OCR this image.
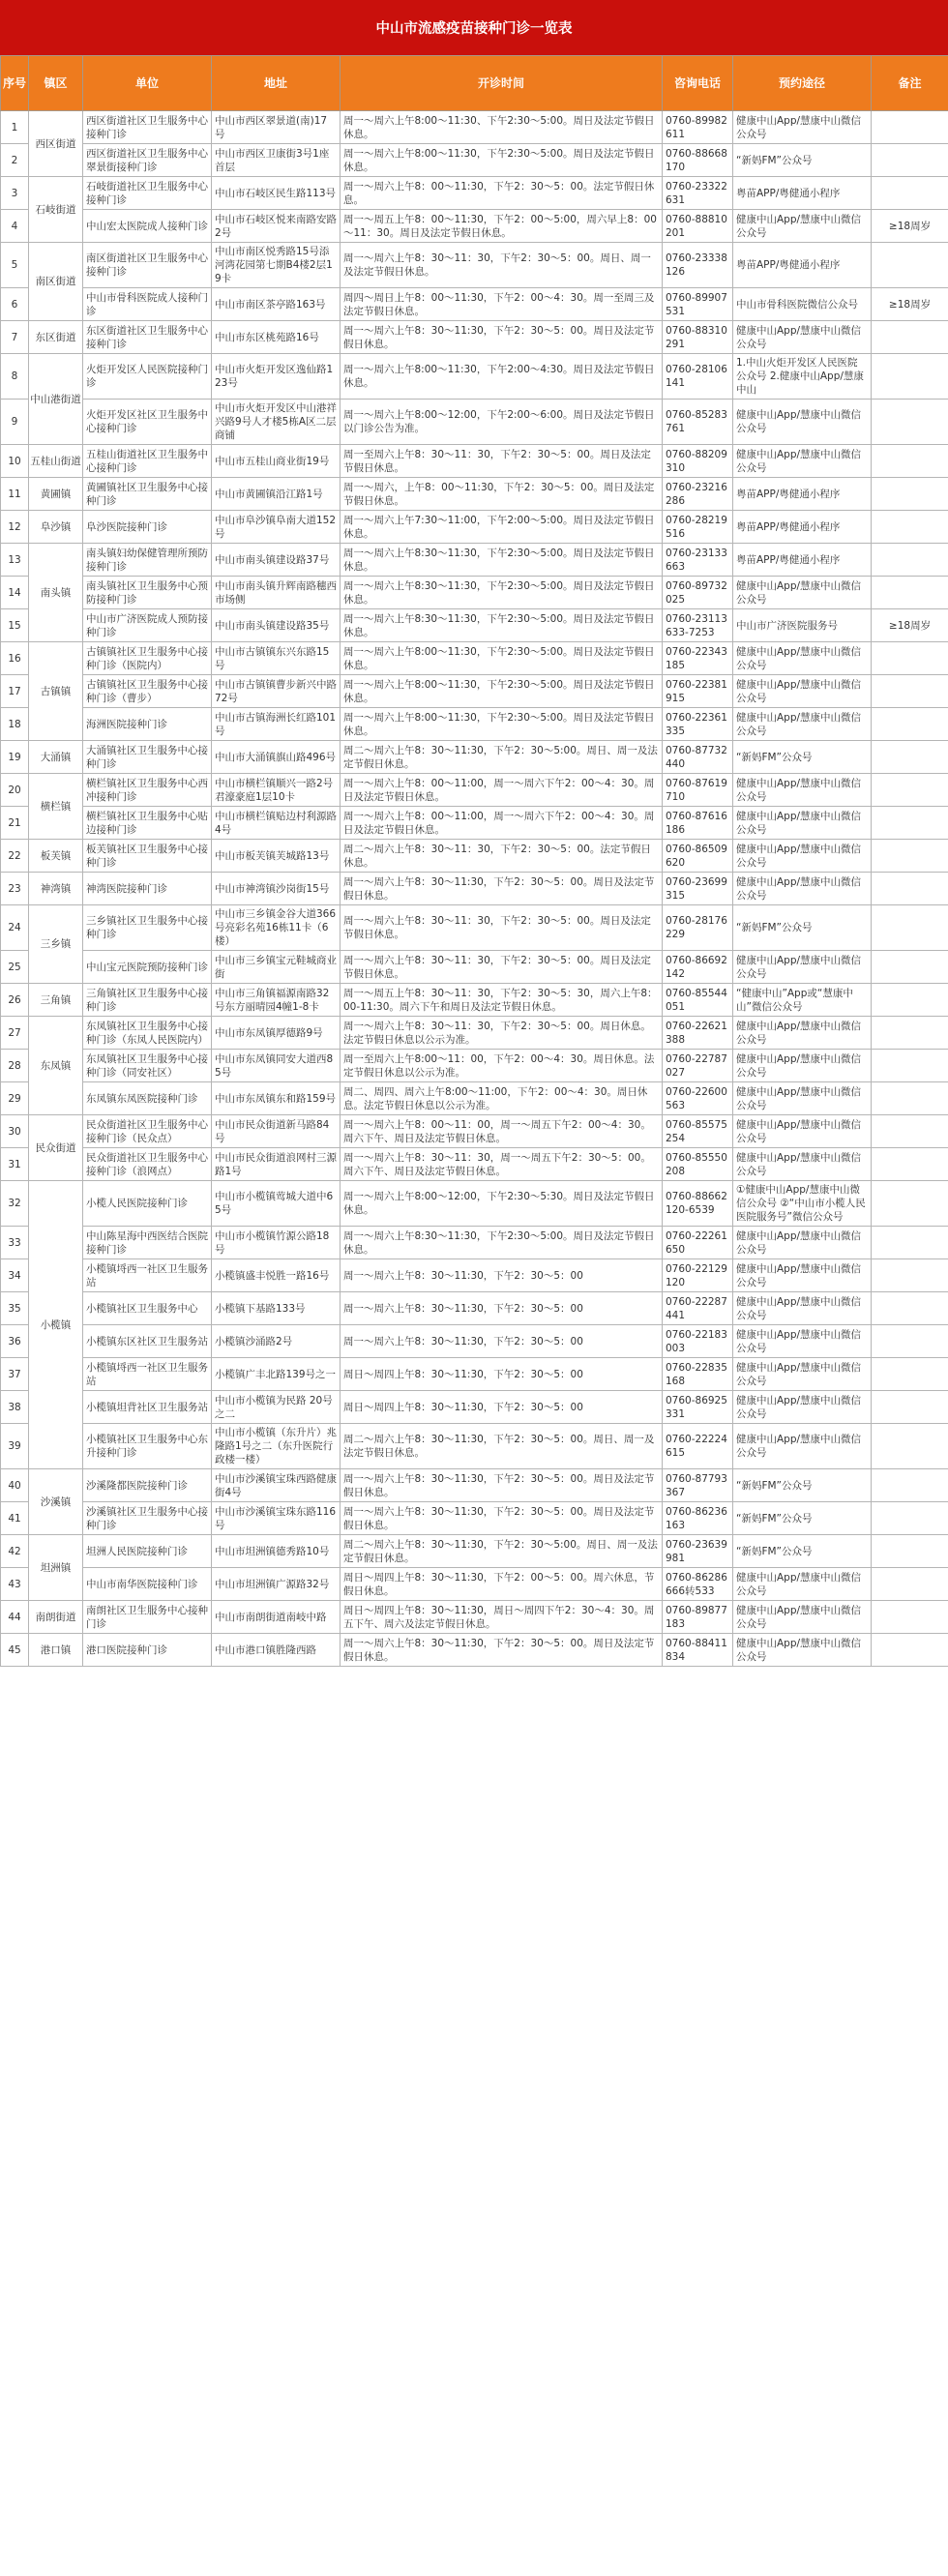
中山市流感疫苗接种门诊一览表
序号	镇区	单位	地址	开诊时间	咨询电话	预约途径	备注
1	西区街道	西区街道社区卫生服务中心接种门诊	中山市西区翠景道(南)17号	周一～周六上午8:00～11:30、下午2:30～5:00。周日及法定节假日休息。	0760-89982611	健康中山App/慧康中山微信公众号	
2		西区街道社区卫生服务中心翠景街接种门诊	中山市西区卫康街3号1座首层	周一～周六上午8:00～11:30，下午2:30～5:00。周日及法定节假日休息。	0760-88668170	“新妈FM”公众号	
3	石岐街道	石岐街道社区卫生服务中心接种门诊	中山市石岐区民生路113号	周一～周六上午8：00～11:30，下午2：30～5：00。法定节假日休息。	0760-23322631	粤苗APP/粤健通小程序	
4		中山宏太医院成人接种门诊	中山市石岐区悦来南路安路2号	周一～周五上午8：00～11:30，下午2：00～5:00，周六早上8：00～11：30。周日及法定节假日休息。	0760-88810201	健康中山App/慧康中山微信公众号	≥18周岁
5	南区街道	南区街道社区卫生服务中心接种门诊	中山市南区悦秀路15号添河湾花园第七期B4楼2层19卡	周一～周六上午8：30～11：30，下午2：30～5：00。周日、周一及法定节假日休息。	0760-23338126	粤苗APP/粤健通小程序	
6		中山市骨科医院成人接种门诊	中山市南区茶亭路163号	周四～周日上午8：00～11:30，下午2：00～4：30。周一至周三及法定节假日休息。	0760-89907531	中山市骨科医院微信公众号	≥18周岁
7	东区街道	东区街道社区卫生服务中心接种门诊	中山市东区桃苑路16号	周一～周六上午8：30～11:30，下午2：30～5：00。周日及法定节假日休息。	0760-88310291	健康中山App/慧康中山微信公众号	
8	中山港街道	火炬开发区人民医院接种门诊	中山市火炬开发区逸仙路123号	周一～周六上午8:00～11:30，下午2:00～4:30。周日及法定节假日休息。	0760-28106141	1.中山火炬开发区人民医院公众号 2.健康中山App/慧康中山	
9		火炬开发区社区卫生服务中心接种门诊	中山市火炬开发区中山港祥兴路9号人才楼5栋A区二层商铺	周一～周六上午8:00～12:00，下午2:00～6:00。周日及法定节假日以门诊公告为准。	0760-85283761	健康中山App/慧康中山微信公众号	
10	五桂山街道	五桂山街道社区卫生服务中心接种门诊	中山市五桂山商业街19号	周一至周六上午8：30～11：30，下午2：30～5：00。周日及法定节假日休息。	0760-88209310	健康中山App/慧康中山微信公众号	
11	黄圃镇	黄圃镇社区卫生服务中心接种门诊	中山市黄圃镇沿江路1号	周一～周六，上午8：00～11:30，下午2：30～5：00。周日及法定节假日休息。	0760-23216286	粤苗APP/粤健通小程序	
12	阜沙镇	阜沙医院接种门诊	中山市阜沙镇阜南大道152号	周一～周六上午7:30～11:00，下午2:00～5:00。周日及法定节假日休息。	0760-28219516	粤苗APP/粤健通小程序	
13	南头镇	南头镇妇幼保健管理所预防接种门诊	中山市南头镇建设路37号	周一～周六上午8:30～11:30，下午2:30～5:00。周日及法定节假日休息。	0760-23133663	粤苗APP/粤健通小程序	
14		南头镇社区卫生服务中心预防接种门诊	中山市南头镇升辉南路穗西市场侧	周一～周六上午8:30～11:30，下午2:30～5:00。周日及法定节假日休息。	0760-89732025	健康中山App/慧康中山微信公众号	
15		中山市广济医院成人预防接种门诊	中山市南头镇建设路35号	周一～周六上午8:30～11:30，下午2:30～5:00。周日及法定节假日休息。	0760-23113633-7253	中山市广济医院服务号	≥18周岁
16	古镇镇	古镇镇社区卫生服务中心接种门诊（医院内）	中山市古镇镇东兴东路15号	周一～周六上午8:00～11:30，下午2:30～5:00。周日及法定节假日休息。	0760-22343185	健康中山App/慧康中山微信公众号	
17		古镇镇社区卫生服务中心接种门诊（曹步）	中山市古镇镇曹步新兴中路72号	周一～周六上午8:00～11:30，下午2:30～5:00。周日及法定节假日休息。	0760-22381915	健康中山App/慧康中山微信公众号	
18		海洲医院接种门诊	中山市古镇海洲长红路101号	周一～周六上午8:00～11:30，下午2:30～5:00。周日及法定节假日休息。	0760-22361335	健康中山App/慧康中山微信公众号	
19	大涌镇	大涌镇社区卫生服务中心接种门诊	中山市大涌镇旗山路496号	周二～周六上午8：30～11:30，下午2：30～5:00。周日、周一及法定节假日休息。	0760-87732440	“新妈FM”公众号	
20	横栏镇	横栏镇社区卫生服务中心西冲接种门诊	中山市横栏镇顺兴一路2号君濠豪庭1层10卡	周一～周六上午8：00～11:00，周一～周六下午2：00～4：30。周日及法定节假日休息。	0760-87619710	健康中山App/慧康中山微信公众号	
21		横栏镇社区卫生服务中心贴边接种门诊	中山市横栏镇贴边村利源路4号	周一～周六上午8：00～11:00，周一～周六下午2：00～4：30。周日及法定节假日休息。	0760-87616186	健康中山App/慧康中山微信公众号	
22	板芙镇	板芙镇社区卫生服务中心接种门诊	中山市板芙镇芙城路13号	周二～周六上午8：30～11：30，下午2：30～5：00。法定节假日休息。	0760-86509620	健康中山App/慧康中山微信公众号	
23	神湾镇	神湾医院接种门诊	中山市神湾镇沙岗街15号	周一～周六上午8：30～11:30，下午2：30～5：00。周日及法定节假日休息。	0760-23699315	健康中山App/慧康中山微信公众号	
24	三乡镇	三乡镇社区卫生服务中心接种门诊	中山市三乡镇金谷大道366号亮彩名苑16栋11卡（6楼）	周一～周六上午8：30～11：30，下午2：30～5：00。周日及法定节假日休息。	0760-28176229	“新妈FM”公众号	
25		中山宝元医院预防接种门诊	中山市三乡镇宝元鞋城商业街	周一～周六上午8：30～11：30，下午2：30～5：00。周日及法定节假日休息。	0760-86692142	健康中山App/慧康中山微信公众号	
26	三角镇	三角镇社区卫生服务中心接种门诊	中山市三角镇福源南路32号东方丽晴园4幢1-8卡	周一～周五上午8：30～11：30，下午2：30～5：30，周六上午8：00-11:30。周六下午和周日及法定节假日休息。	0760-85544051	“健康中山”App或“慧康中山”微信公众号	
27	东凤镇	东凤镇社区卫生服务中心接种门诊（东凤人民医院内）	中山市东凤镇厚德路9号	周一～周六上午8：30～11：30，下午2：30～5：00。周日休息。法定节假日休息以公示为准。	0760-22621388	健康中山App/慧康中山微信公众号	
28		东凤镇社区卫生服务中心接种门诊（同安社区）	中山市东凤镇同安大道西85号	周一至周六上午8:00～11：00，下午2：00～4：30。周日休息。法定节假日休息以公示为准。	0760-22787027	健康中山App/慧康中山微信公众号	
29		东凤镇东凤医院接种门诊	中山市东凤镇东和路159号	周二、周四、周六上午8:00～11:00，下午2：00～4：30。周日休息。法定节假日休息以公示为准。	0760-22600563	健康中山App/慧康中山微信公众号	
30	民众街道	民众街道社区卫生服务中心接种门诊（民众点）	中山市民众街道新马路84号	周一～周六上午8：00～11：00，周一～周五下午2：00～4：30。周六下午、周日及法定节假日休息。	0760-85575254	健康中山App/慧康中山微信公众号	
31		民众街道社区卫生服务中心接种门诊（浪网点）	中山市民众街道浪网村三源路1号	周一～周六上午8：30～11：30，周一～周五下午2：30～5：00。周六下午、周日及法定节假日休息。	0760-85550208	健康中山App/慧康中山微信公众号	
32	小榄镇	小榄人民医院接种门诊	中山市小榄镇莺城大道中65号	周一～周六上午8:00～12:00，下午2:30～5:30。周日及法定节假日休息。	0760-88662120-6539	①健康中山App/慧康中山微信公众号 ②“中山市小榄人民医院服务号”微信公众号	
33		中山陈星海中西医结合医院接种门诊	中山市小榄镇竹源公路18号	周一～周六上午8:30～11:30，下午2:30～5:00。周日及法定节假日休息。	0760-22261650	健康中山App/慧康中山微信公众号	
34		小榄镇埒西一社区卫生服务站	小榄镇盛丰悦胜一路16号	周一～周六上午8：30～11:30，下午2：30～5：00	0760-22129120	健康中山App/慧康中山微信公众号	
35		小榄镇社区卫生服务中心	小榄镇下基路133号	周一～周六上午8：30～11:30，下午2：30～5：00	0760-22287441	健康中山App/慧康中山微信公众号	
36		小榄镇东区社区卫生服务站	小榄镇沙涌路2号	周一～周六上午8：30～11:30，下午2：30～5：00	0760-22183003	健康中山App/慧康中山微信公众号	
37		小榄镇埒西一社区卫生服务站	小榄镇广丰北路139号之一	周日～周四上午8：30～11:30，下午2：30～5：00	0760-22835168	健康中山App/慧康中山微信公众号	
38		小榄镇坦背社区卫生服务站	中山市小榄镇为民路 20号之二	周日～周四上午8：30～11:30，下午2：30～5：00	0760-86925331	健康中山App/慧康中山微信公众号	
39		小榄镇社区卫生服务中心东升接种门诊	中山市小榄镇（东升片）兆隆路1号之二（东升医院行政楼一楼）	周二～周六上午8：30～11:30，下午2：30～5：00。周日、周一及法定节假日休息。	0760-22224615	健康中山App/慧康中山微信公众号	
40	沙溪镇	沙溪隆都医院接种门诊	中山市沙溪镇宝珠西路健康街4号	周一～周六上午8：30～11:30，下午2：30～5：00。周日及法定节假日休息。	0760-87793367	“新妈FM”公众号	
41		沙溪镇社区卫生服务中心接种门诊	中山市沙溪镇宝珠东路116号	周一～周六上午8：30～11:30，下午2：30～5：00。周日及法定节假日休息。	0760-86236163	“新妈FM”公众号	
42	坦洲镇	坦洲人民医院接种门诊	中山市坦洲镇德秀路10号	周二～周六上午8：30～11:30，下午2：30～5:00。周日、周一及法定节假日休息。	0760-23639981	“新妈FM”公众号	
43		中山市南华医院接种门诊	中山市坦洲镇广源路32号	周日～周四上午8：30～11:30，下午2：00～5：00。周六休息，节假日休息。	0760-86286666转533	健康中山App/慧康中山微信公众号	
44	南朗街道	南朗社区卫生服务中心接种门诊	中山市南朗街道南岐中路	周日～周四上午8：30～11:30，周日～周四下午2：30～4：30。周五下午、周六及法定节假日休息。	0760-89877183	健康中山App/慧康中山微信公众号	
45	港口镇	港口医院接种门诊	中山市港口镇胜隆西路	周一～周六上午8：30～11:30，下午2：30～5：00。周日及法定节假日休息。	0760-88411834	健康中山App/慧康中山微信公众号	
